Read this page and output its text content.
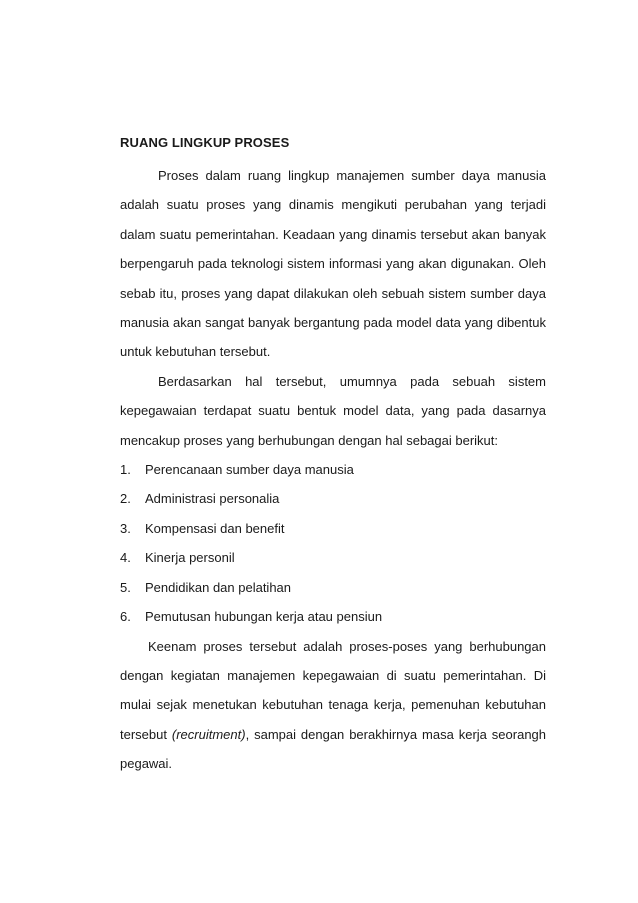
RUANG LINGKUP PROSES

Proses dalam ruang lingkup manajemen sumber daya manusia
adalah suatu proses yang dinamis mengikuti perubahan yang terjadi
dalam suatu pemerintahan. Keadaan yang dinamis tersebut akan banyak
berpengaruh pada teknologi sistem informasi yang akan digunakan. Oleh
sebab itu, proses yang dapat dilakukan oleh sebuah sistem sumber daya
manusia akan sangat banyak bergantung pada model data yang dibentuk
untuk kebutuhan tersebut.

Berdasarkan hal tersebut, umumnya pada sebuah sistem
kepegawaian terdapat suatu bentuk model data, yang pada dasarnya
mencakup proses yang berhubungan dengan hal sebagai berikut:

1.	Perencanaan sumber daya manusia
2.	Administrasi personalia
3.	Kompensasi dan benefit
4.	Kinerja personil
5.	Pendidikan dan pelatihan
6.	Pemutusan hubungan kerja atau pensiun

Keenam proses tersebut adalah proses-poses yang berhubungan
dengan kegiatan manajemen kepegawaian di suatu pemerintahan. Di
mulai sejak menetukan kebutuhan tenaga kerja, pemenuhan kebutuhan
tersebut (recruitment), sampai dengan berakhirnya masa kerja seorangh
pegawai.
